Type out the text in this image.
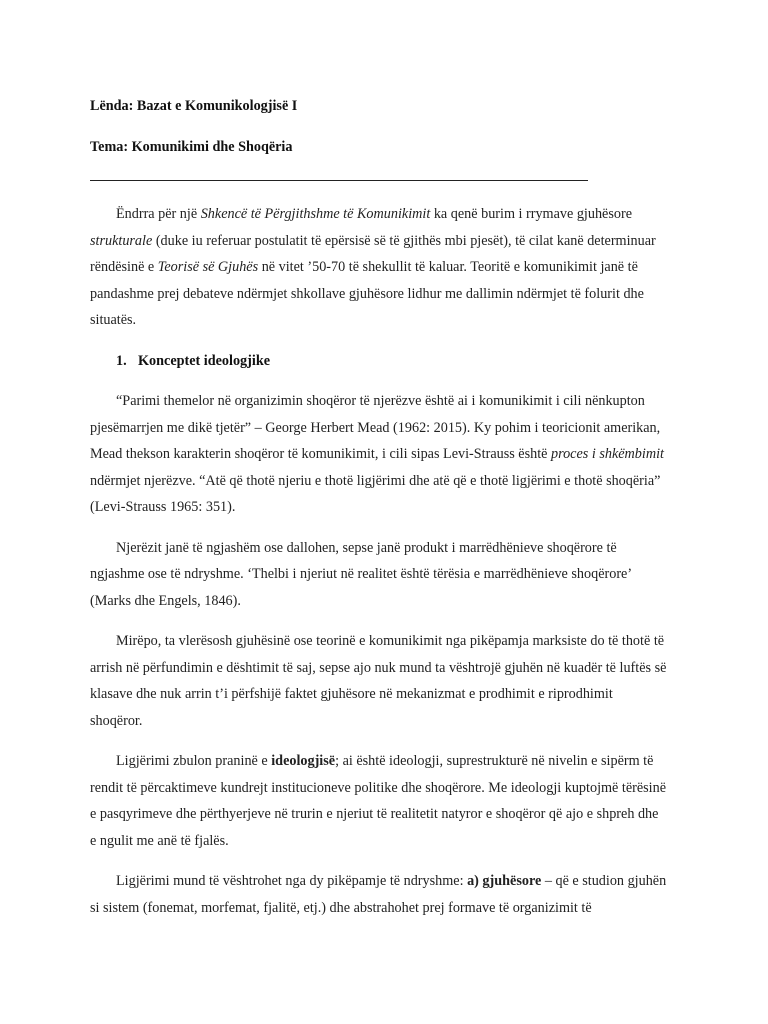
Lënda: Bazat e Komunikologjisë I

Tema: Komunikimi dhe Shoqëria

Ëndrra për një Shkencë të Përgjithshme të Komunikimit ka qenë burim i rrymave gjuhësore strukturale (duke iu referuar postulatit të epërsisë së të gjithës mbi pjesët), të cilat kanë determinuar rëndësinë e Teorisë së Gjuhës në vitet ’50-70 të shekullit të kaluar. Teoritë e komunikimit janë të pandashme prej debateve ndërmjet shkollave gjuhësore lidhur me dallimin ndërmjet të folurit dhe situatës.

1. Konceptet ideologjike

“Parimi themelor në organizimin shoqëror të njerëzve është ai i komunikimit i cili nënkupton pjesëmarrjen me dikë tjetër” – George Herbert Mead (1962: 2015). Ky pohim i teoricionit amerikan, Mead thekson karakterin shoqëror të komunikimit, i cili sipas Levi-Strauss është proces i shkëmbimit ndërmjet njerëzve. “Atë që thotë njeriu e thotë ligjërimi dhe atë që e thotë ligjërimi e thotë shoqëria” (Levi-Strauss 1965: 351).

Njerëzit janë të ngjashëm ose dallohen, sepse janë produkt i marrëdhënieve shoqërore të ngjashme ose të ndryshme. ‘Thelbi i njeriut në realitet është tërësia e marrëdhënieve shoqërore’ (Marks dhe Engels, 1846).

Mirëpo, ta vlerësosh gjuhësinë ose teorinë e komunikimit nga pikëpamja marksiste do të thotë të arrish në përfundimin e dështimit të saj, sepse ajo nuk mund ta vështrojë gjuhën në kuadër të luftës së klasave dhe nuk arrin t’i përfshijë faktet gjuhësore në mekanizmat e prodhimit e riprodhimit shoqëror.

Ligjërimi zbulon praninë e ideologjisë; ai është ideologji, suprestrukturë në nivelin e sipërm të rendit të përcaktimeve kundrejt institucioneve politike dhe shoqërore. Me ideologji kuptojmë tërësinë e pasqyrimeve dhe përthyerjeve në trurin e njeriut të realitetit natyror e shoqëror që ajo e shpreh dhe e ngulit me anë të fjalës.

Ligjërimi mund të vështrohet nga dy pikëpamje të ndryshme: a) gjuhësore – që e studion gjuhën si sistem (fonemat, morfemat, fjalitë, etj.) dhe abstrahohet prej formave të organizimit të
